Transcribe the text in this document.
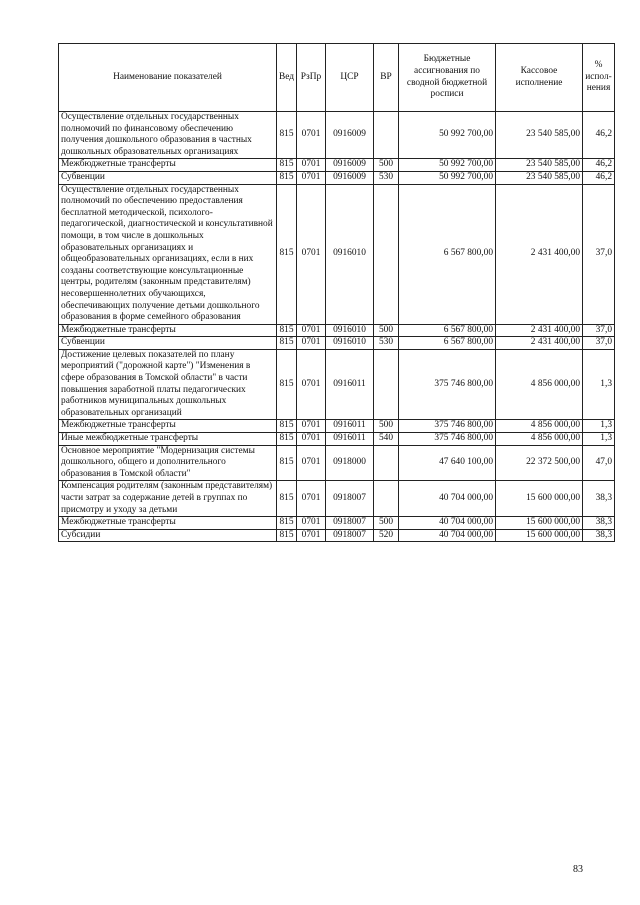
Наименование показателей	Вед	РзПр	ЦСР	ВР	Бюджетные ассигнования по сводной бюджетной росписи	Кассовое исполнение	% испол-нения
Осуществление отдельных государственных полномочий по финансовому обеспечению получения дошкольного образования в частных дошкольных образовательных организациях	815	0701	0916009		50 992 700,00	23 540 585,00	46,2
Межбюджетные трансферты	815	0701	0916009	500	50 992 700,00	23 540 585,00	46,2
Субвенции	815	0701	0916009	530	50 992 700,00	23 540 585,00	46,2
Осуществление отдельных государственных полномочий по обеспечению предоставления бесплатной методической, психолого-педагогической, диагностической и консультативной помощи, в том числе в дошкольных образовательных организациях и общеобразовательных организациях, если в них созданы соответствующие консультационные центры, родителям (законным представителям) несовершеннолетних обучающихся, обеспечивающих получение детьми дошкольного образования в форме семейного образования	815	0701	0916010		6 567 800,00	2 431 400,00	37,0
Межбюджетные трансферты	815	0701	0916010	500	6 567 800,00	2 431 400,00	37,0
Субвенции	815	0701	0916010	530	6 567 800,00	2 431 400,00	37,0
Достижение целевых показателей по плану мероприятий ("дорожной карте") "Изменения в сфере образования в Томской области" в части повышения заработной платы педагогических работников муниципальных дошкольных образовательных организаций	815	0701	0916011		375 746 800,00	4 856 000,00	1,3
Межбюджетные трансферты	815	0701	0916011	500	375 746 800,00	4 856 000,00	1,3
Иные межбюджетные трансферты	815	0701	0916011	540	375 746 800,00	4 856 000,00	1,3
Основное мероприятие "Модернизация системы дошкольного, общего и дополнительного образования в Томской области"	815	0701	0918000		47 640 100,00	22 372 500,00	47,0
Компенсация родителям (законным представителям) части затрат за содержание детей в группах по присмотру и уходу за детьми	815	0701	0918007		40 704 000,00	15 600 000,00	38,3
Межбюджетные трансферты	815	0701	0918007	500	40 704 000,00	15 600 000,00	38,3
Субсидии	815	0701	0918007	520	40 704 000,00	15 600 000,00	38,3
83
